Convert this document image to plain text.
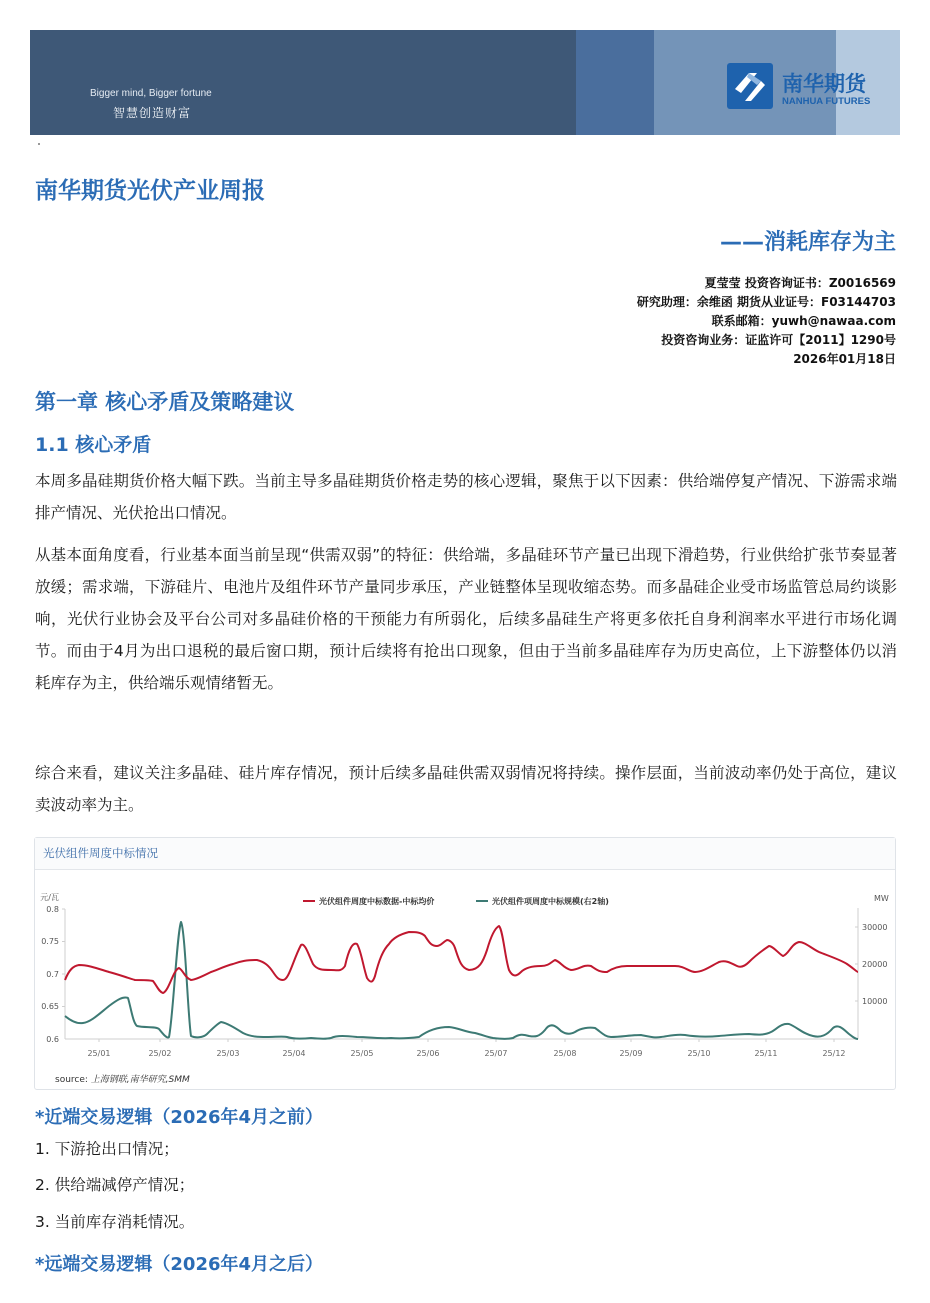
Bigger mind, Bigger fortune
智慧创造财富
南华期货
NANHUA FUTURES
南华期货光伏产业周报
——消耗库存为主
夏莹莹 投资咨询证书：Z0016569
研究助理：余维函 期货从业证号：F03144703
联系邮箱：yuwh@nawaa.com
投资咨询业务：证监许可【2011】1290号
2026年01月18日
第一章 核心矛盾及策略建议
1.1 核心矛盾
本周多晶硅期货价格大幅下跌。当前主导多晶硅期货价格走势的核心逻辑，聚焦于以下因素：供给端停复产情况、下游需求端排产情况、光伏抢出口情况。
从基本面角度看，行业基本面当前呈现“供需双弱”的特征：供给端，多晶硅环节产量已出现下滑趋势，行业供给扩张节奏显著放缓；需求端，下游硅片、电池片及组件环节产量同步承压，产业链整体呈现收缩态势。而多晶硅企业受市场监管总局约谈影响，光伏行业协会及平台公司对多晶硅价格的干预能力有所弱化，后续多晶硅生产将更多依托自身利润率水平进行市场化调节。而由于4月为出口退税的最后窗口期，预计后续将有抢出口现象，但由于当前多晶硅库存为历史高位，上下游整体仍以消耗库存为主，供给端乐观情绪暂无。
综合来看，建议关注多晶硅、硅片库存情况，预计后续多晶硅供需双弱情况将持续。操作层面，当前波动率仍处于高位，建议卖波动率为主。
光伏组件周度中标情况
元/瓦
0.8
0.75
0.7
0.65
0.6
MW
30000
20000
10000
25/01	25/02	25/03	25/04	25/05	25/06	25/07	25/08	25/09	25/10	25/11	25/12
光伏组件周度中标数据-中标均价	光伏组件项周度中标规模(右2轴)
source: 上海钢联,南华研究,SMM
*近端交易逻辑（2026年4月之前）
1. 下游抢出口情况；
2. 供给端减停产情况；
3. 当前库存消耗情况。
*远端交易逻辑（2026年4月之后）
